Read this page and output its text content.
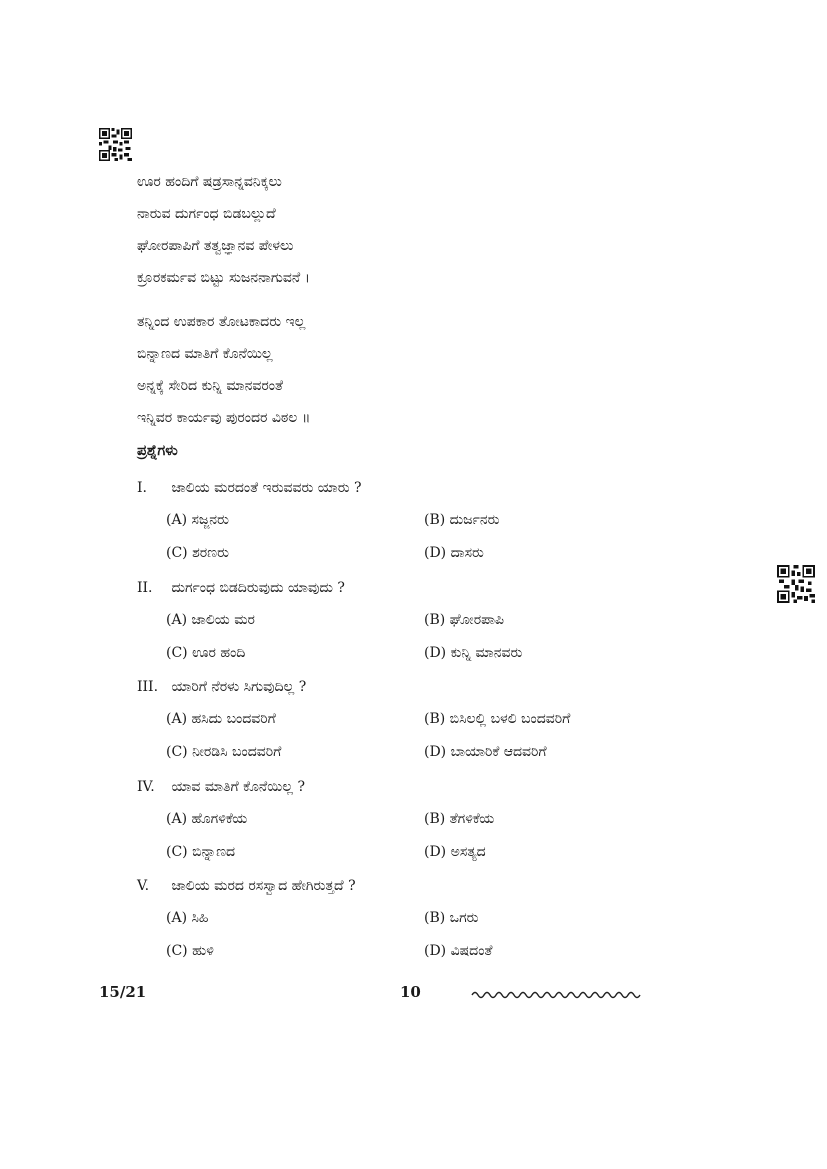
ಊರ ಹಂದಿಗೆ ಷಡ್ರಸಾನ್ನವನಿಕ್ಕಲು
ನಾರುವ ದುರ್ಗಂಧ ಬಿಡಬಲ್ಲುದೆ
ಘೋರಪಾಪಿಗೆ ತತ್ವಜ್ಞಾನವ ಪೇಳಲು
ಕ್ರೂರಕರ್ಮವ ಬಿಟ್ಟು ಸುಜನನಾಗುವನೆ ।
ತನ್ನಿಂದ ಉಪಕಾರ ತೋಟಕಾದರು ಇಲ್ಲ
ಬಿನ್ನಾಣದ ಮಾತಿಗೆ ಕೊನೆಯಿಲ್ಲ
ಅನ್ನಕ್ಕೆ ಸೇರಿದ ಕುನ್ನಿ ಮಾನವರಂತೆ
ಇನ್ನಿವರ ಕಾರ್ಯವು ಪುರಂದರ ವಿಠಲ ॥
ಪ್ರಶ್ನೆಗಳು
I. ಜಾಲಿಯ ಮರದಂತೆ ಇರುವವರು ಯಾರು ?
(A) ಸಜ್ಜನರು	(B) ದುರ್ಜನರು
(C) ಶರಣರು	(D) ದಾಸರು
II. ದುರ್ಗಂಧ ಬಿಡದಿರುವುದು ಯಾವುದು ?
(A) ಜಾಲಿಯ ಮರ	(B) ಘೋರಪಾಪಿ
(C) ಊರ ಹಂದಿ	(D) ಕುನ್ನಿ ಮಾನವರು
III. ಯಾರಿಗೆ ನೆರಳು ಸಿಗುವುದಿಲ್ಲ ?
(A) ಹಸಿದು ಬಂದವರಿಗೆ	(B) ಬಿಸಿಲಲ್ಲಿ ಬಳಲಿ ಬಂದವರಿಗೆ
(C) ನೀರಡಿಸಿ ಬಂದವರಿಗೆ	(D) ಬಾಯಾರಿಕೆ ಆದವರಿಗೆ
IV. ಯಾವ ಮಾತಿಗೆ ಕೊನೆಯಿಲ್ಲ ?
(A) ಹೊಗಳಿಕೆಯ	(B) ತೆಗಳಿಕೆಯ
(C) ಬಿನ್ನಾಣದ	(D) ಅಸತ್ಯದ
V. ಜಾಲಿಯ ಮರದ ರಸಸ್ವಾದ ಹೇಗಿರುತ್ತದೆ ?
(A) ಸಿಹಿ	(B) ಒಗರು
(C) ಹುಳಿ	(D) ವಿಷದಂತೆ
15/21	10
